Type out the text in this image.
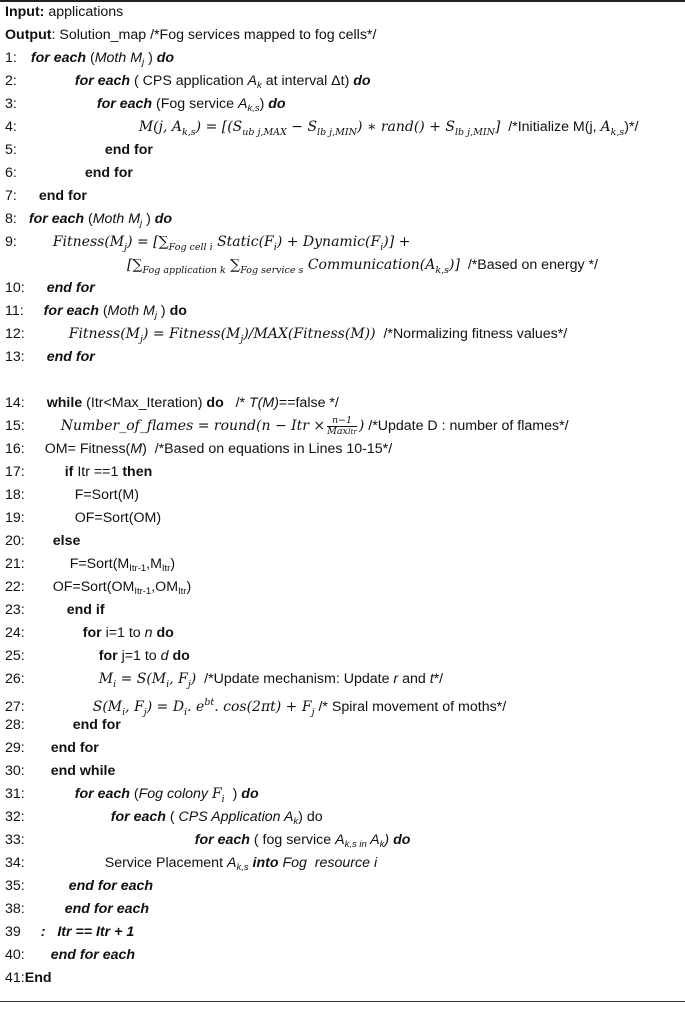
Input: applications
Output: Solution_map /*Fog services mapped to fog cells*/
1: for each (Moth $M_j$ ) do
2:	for each ( CPS application $A_k$ at interval Δt) do
3:	for each (Fog service $A_{k,s}$) do
4:	M(j, $A_{k,s}) = [(S_{ub j,MAX} - S_{lb j,MIN})$ ∗ rand() + $S_{lb j,MIN}$]  /*Initialize M(j, $A_{k,s})*/$
5:	end for
6:	end for
7: end for
8: for each (Moth $M_j$ ) do
9:	$Fitness(M_j) = [\sum_{Fog cell i}$ $Static(F_i)$ + $Dynamic(F_i)$] +
[$\sum_{Fog application k}$ $\sum_{Fog service s}$ $Communication(A_{k,s})$]  /*Based on energy */
10: end for
11: for each (Moth $M_j$ ) do
12:	$Fitness(M_j)$ = $Fitness(M_j)/MAX(Fitness(M))$  /*Normalizing fitness values*/
13: end for
14: while (Itr<Max_Iteration) do   /* T(M)==false */
15:	Number_of_flames = round(n − Itr × $\frac{n-1}{\text{MaxItr}}$ ) /*Update D : number of flames*/
16: OM= Fitness(M)  /*Based on equations in Lines 10-15*/
17:	if Itr ==1 then
18:	F=Sort(M)
19:	OF=Sort(OM)
20: else
21:	$F=Sort(M_{Itr-1},M_{Itr})$
22: $OF=Sort(OM_{Itr-1},OM_{Itr})$
23:	end if
24:	for i=1 to n do
25:	for j=1 to d do
26:	$M_i = S(M_i$, $F_j$)  /*Update mechanism: Update r and t*/
27:	$S(M_i$, $F_j) = D_i$. $e^{bt}$. $\cos(2\pi t) + F_j$ /* Spiral movement of moths*/
28:	end for
29: end for
30: end while
31:	for each (Fog colony $F_i$  ) do
32:	for each ( CPS Application $A_k$) do
33:	for each ( fog service $A_{k,s in}$ $A_k$) do
34:	Service Placement $A_{k,s}$ into Fog  resource i
35:	end for each
38:	end for each
39 :   Itr == Itr + 1
40: end for each
41:End
